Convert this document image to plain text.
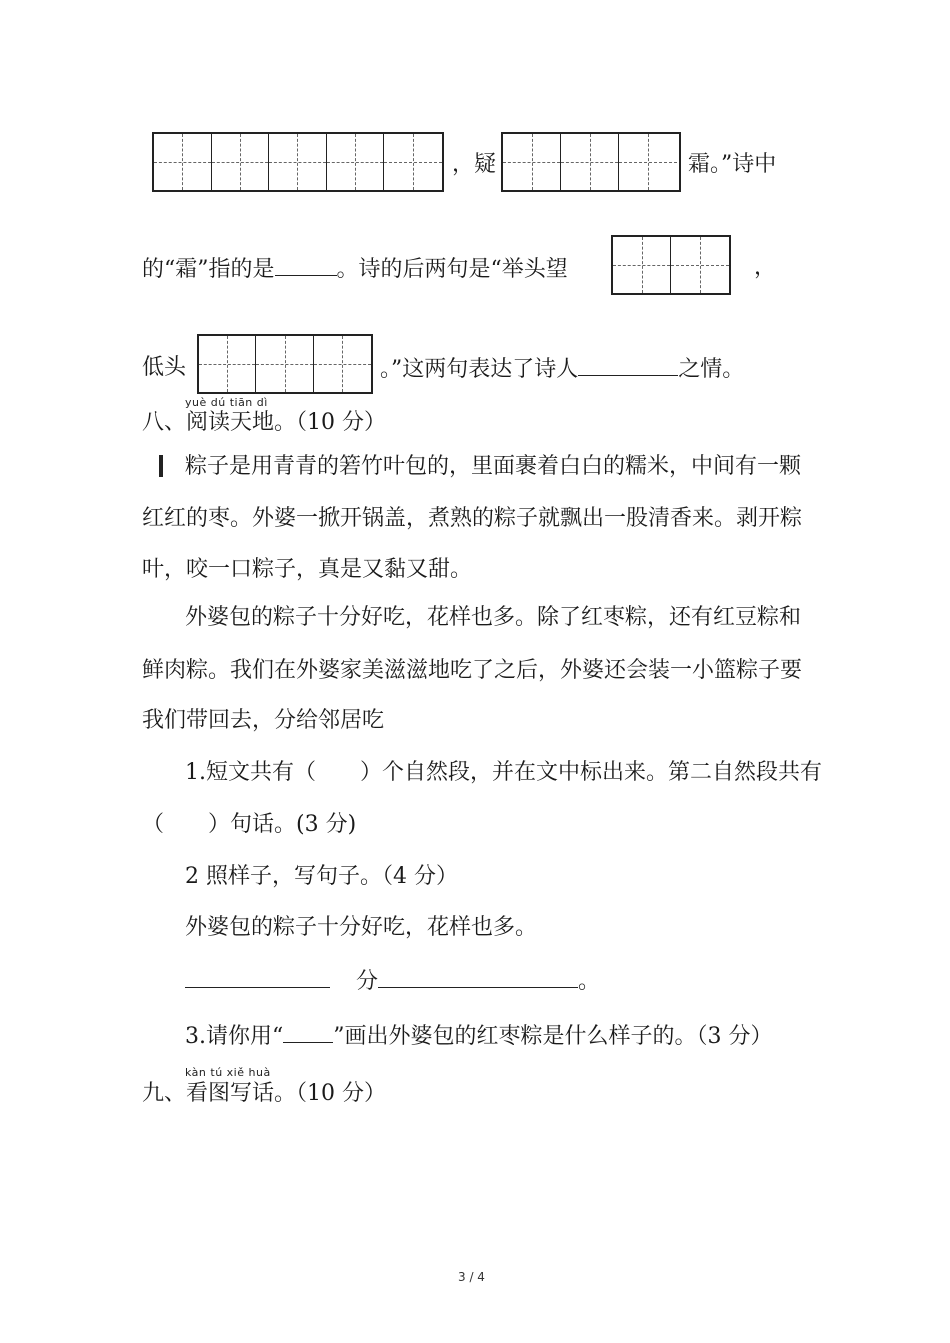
，疑	霜。”诗中
的“霜”指的是	。诗的后两句是“举头望	，
低头	。”这两句表达了诗人	之情。
yuè dú tiān dì
八、阅读天地。（10 分）
粽子是用青青的箬竹叶包的，里面裹着白白的糯米，中间有一颗
红红的枣。外婆一掀开锅盖，煮熟的粽子就飘出一股清香来。剥开粽
叶，咬一口粽子，真是又黏又甜。
外婆包的粽子十分好吃，花样也多。除了红枣粽，还有红豆粽和
鲜肉粽。我们在外婆家美滋滋地吃了之后，外婆还会装一小篮粽子要
我们带回去，分给邻居吃
1.短文共有（　　）个自然段，并在文中标出来。第二自然段共有
（　　）句话。(3 分)
2 照样子，写句子。（4 分）
外婆包的粽子十分好吃，花样也多。
分	。
3.请你用“ ”画出外婆包的红枣粽是什么样子的。（3 分）
kàn tú xiě huà
九、看图写话。（10 分）
3 / 4
